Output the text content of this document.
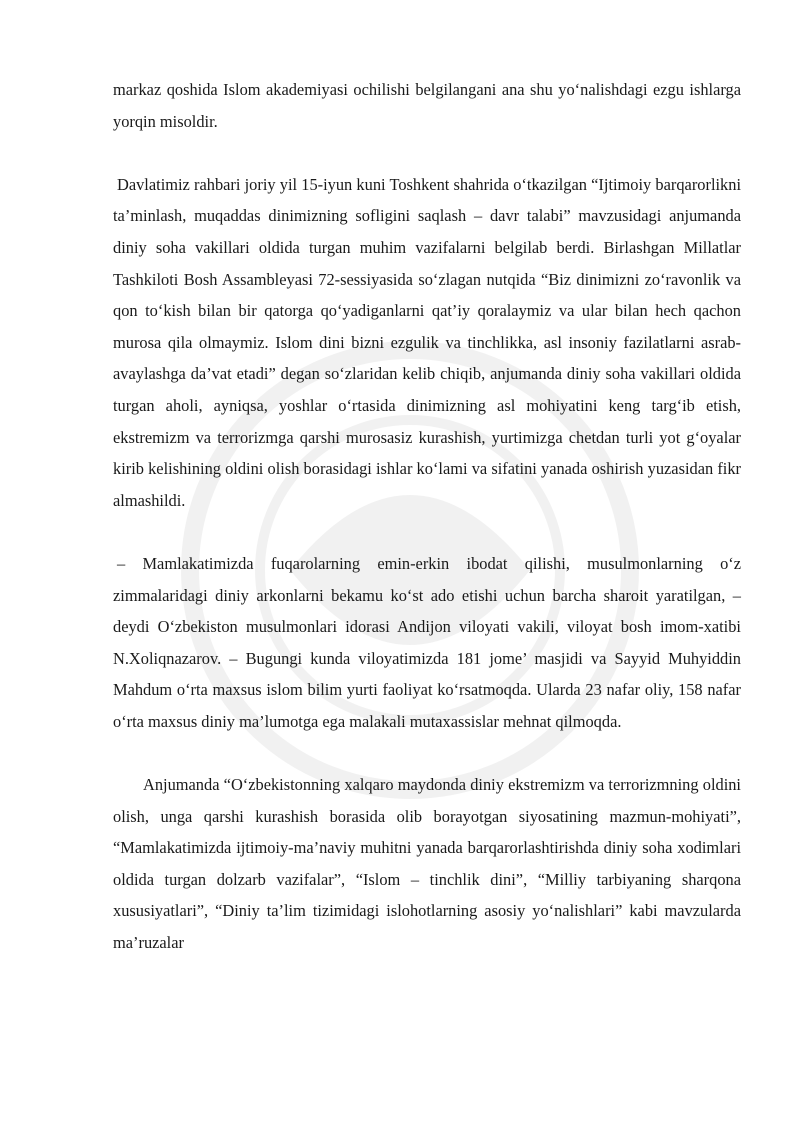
markaz qoshida Islom akademiyasi ochilishi belgilangani ana shu yo‘nalishdagi ezgu ishlarga yorqin misoldir.

Davlatimiz rahbari joriy yil 15-iyun kuni Toshkent shahrida o‘tkazilgan “Ijtimoiy barqarorlikni ta’minlash, muqaddas dinimizning sofligini saqlash – davr talabi” mavzusidagi anjumanda diniy soha vakillari oldida turgan muhim vazifalarni belgilab berdi. Birlashgan Millatlar Tashkiloti Bosh Assambleyasi 72-sessiyasida so‘zlagan nutqida “Biz dinimizni zo‘ravonlik va qon to‘kish bilan bir qatorga qo‘yadiganlarni qat’iy qoralaymiz va ular bilan hech qachon murosa qila olmaymiz. Islom dini bizni ezgulik va tinchlikka, asl insoniy fazilatlarni asrab-avaylashga da’vat etadi” degan so‘zlaridan kelib chiqib, anjumanda diniy soha vakillari oldida turgan aholi, ayniqsa, yoshlar o‘rtasida dinimizning asl mohiyatini keng targ‘ib etish, ekstremizm va terrorizmga qarshi murosasiz kurashish, yurtimizga chetdan turli yot g‘oyalar kirib kelishining oldini olish borasidagi ishlar ko‘lami va sifatini yanada oshirish yuzasidan fikr almashildi.

– Mamlakatimizda fuqarolarning emin-erkin ibodat qilishi, musulmonlarning o‘z zimmalaridagi diniy arkonlarni bekamu ko‘st ado etishi uchun barcha sharoit yaratilgan, – deydi O‘zbekiston musulmonlari idorasi Andijon viloyati vakili, viloyat bosh imom-xatibi N.Xoliqnazarov. – Bugungi kunda viloyatimizda 181 jome’ masjidi va Sayyid Muhyiddin Mahdum o‘rta maxsus islom bilim yurti faoliyat ko‘rsatmoqda. Ularda 23 nafar oliy, 158 nafar o‘rta maxsus diniy ma’lumotga ega malakali mutaxassislar mehnat qilmoqda.

Anjumanda “O‘zbekistonning xalqaro maydonda diniy ekstremizm va terrorizmning oldini olish, unga qarshi kurashish borasida olib borayotgan siyosatining mazmun-mohiyati”, “Mamlakatimizda ijtimoiy-ma’naviy muhitni yanada barqarorlashtirishda diniy soha xodimlari oldida turgan dolzarb vazifalar”, “Islom – tinchlik dini”, “Milliy tarbiyaning sharqona xususiyatlari”, “Diniy ta’lim tizimidagi islohotlarning asosiy yo‘nalishlari” kabi mavzularda ma’ruzalar
